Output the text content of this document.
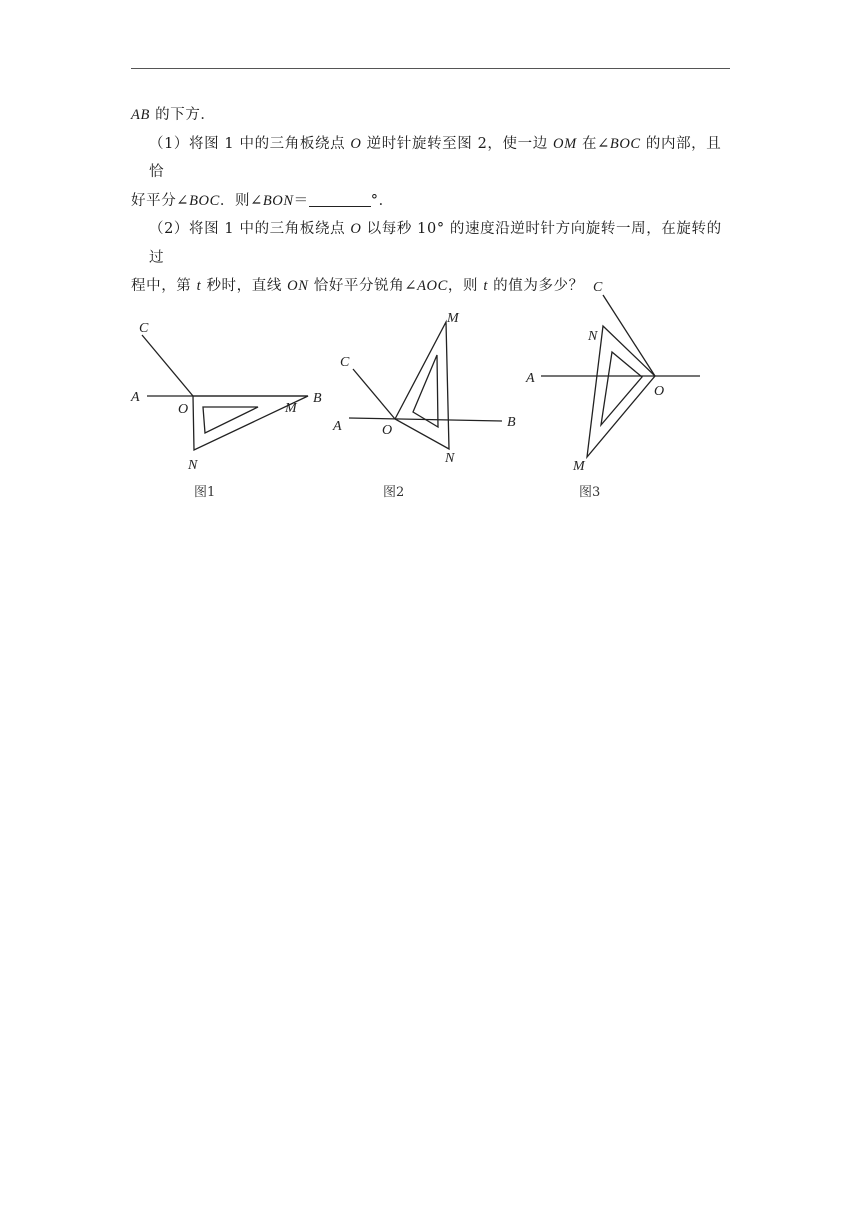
AB 的下方．

（1）将图 1 中的三角板绕点 O 逆时针旋转至图 2，使一边 OM 在∠BOC 的内部，且恰

好平分∠BOC．则∠BON＝	°．

（2）将图 1 中的三角板绕点 O 以每秒 10° 的速度沿逆时针方向旋转一周，在旋转的过

程中，第 t 秒时，直线 ON 恰好平分锐角∠AOC，则 t 的值为多少？

C
A
O
B
M
N
图1
C
A	O
B
M
N
图2
C
A
O
N
M
图3
